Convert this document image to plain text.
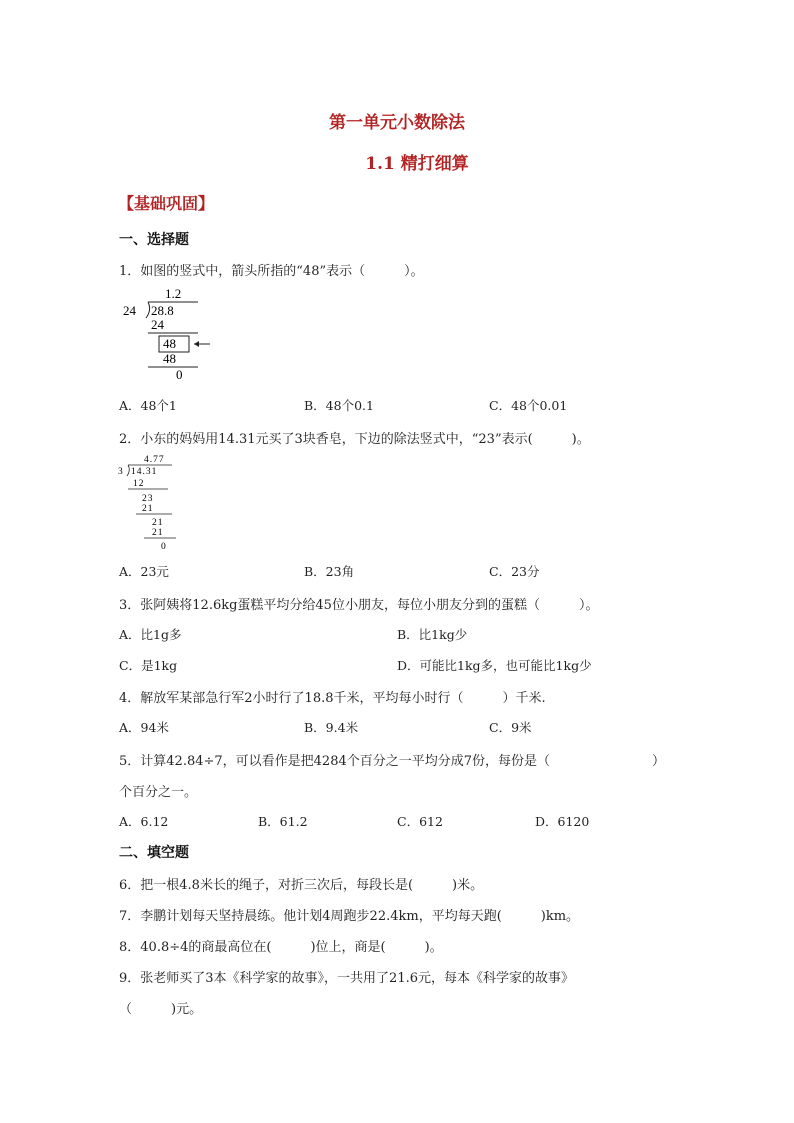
第一单元小数除法
1.1 精打细算
【基础巩固】
一、选择题
1．如图的竖式中，箭头所指的“48”表示（　　　）。
1.2
24 28.8
24
48
48
0
A．48个1	B．48个0.1	C．48个0.01
2．小东的妈妈用14.31元买了3块香皂，下边的除法竖式中，“23”表示(　　　)。
4.77
3 14.31
12
23
21
21
21
0
A．23元	B．23角	C．23分
3．张阿姨将12.6kg蛋糕平均分给45位小朋友，每位小朋友分到的蛋糕（　　　）。
A．比1g多	B．比1kg少
C．是1kg	D．可能比1kg多，也可能比1kg少
4．解放军某部急行军2小时行了18.8千米，平均每小时行（　　　）千米.
A．94米	B．9.4米	C．9米
5．计算42.84÷7，可以看作是把4284个百分之一平均分成7份，每份是（	）
个百分之一。
A．6.12	B．61.2	C．612	D．6120
二、填空题
6．把一根4.8米长的绳子，对折三次后，每段长是(　　　)米。
7．李鹏计划每天坚持晨练。他计划4周跑步22.4km，平均每天跑(　　　)km。
8．40.8÷4的商最高位在(　　　)位上，商是(　　　)。
9．张老师买了3本《科学家的故事》，一共用了21.6元，每本《科学家的故事》
（　　　)元。
